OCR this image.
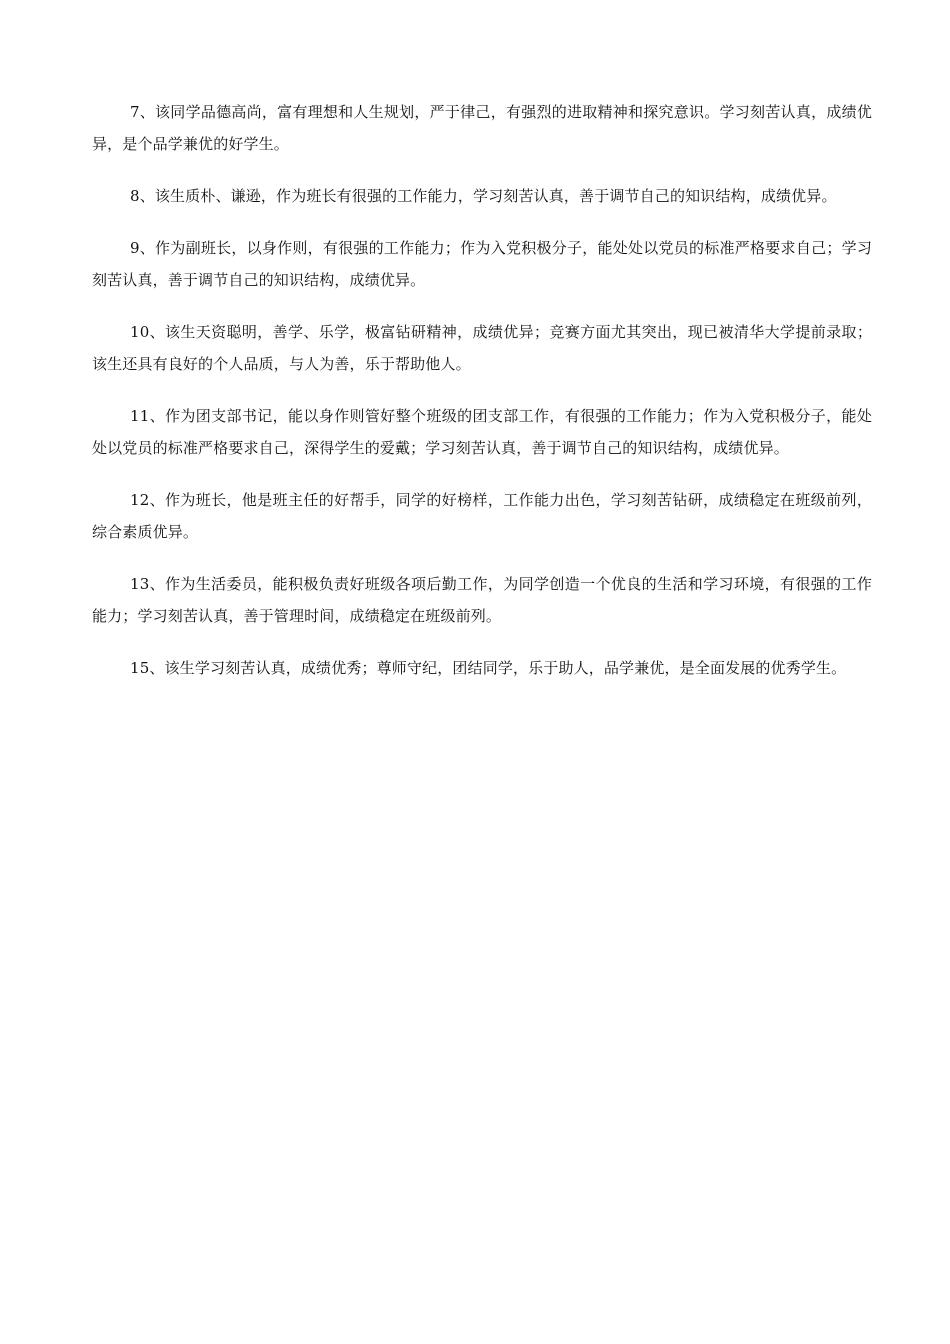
7、该同学品德高尚，富有理想和人生规划，严于律己，有强烈的进取精神和探究意识。学习刻苦认真，成绩优异，是个品学兼优的好学生。

8、该生质朴、谦逊，作为班长有很强的工作能力，学习刻苦认真，善于调节自己的知识结构，成绩优异。

9、作为副班长，以身作则，有很强的工作能力；作为入党积极分子，能处处以党员的标准严格要求自己；学习刻苦认真，善于调节自己的知识结构，成绩优异。

10、该生天资聪明，善学、乐学，极富钻研精神，成绩优异；竞赛方面尤其突出，现已被清华大学提前录取；该生还具有良好的个人品质，与人为善，乐于帮助他人。

11、作为团支部书记，能以身作则管好整个班级的团支部工作，有很强的工作能力；作为入党积极分子，能处处以党员的标准严格要求自己，深得学生的爱戴；学习刻苦认真，善于调节自己的知识结构，成绩优异。

12、作为班长，他是班主任的好帮手，同学的好榜样，工作能力出色，学习刻苦钻研，成绩稳定在班级前列，综合素质优异。

13、作为生活委员，能积极负责好班级各项后勤工作，为同学创造一个优良的生活和学习环境，有很强的工作能力；学习刻苦认真，善于管理时间，成绩稳定在班级前列。

15、该生学习刻苦认真，成绩优秀；尊师守纪，团结同学，乐于助人，品学兼优，是全面发展的优秀学生。
